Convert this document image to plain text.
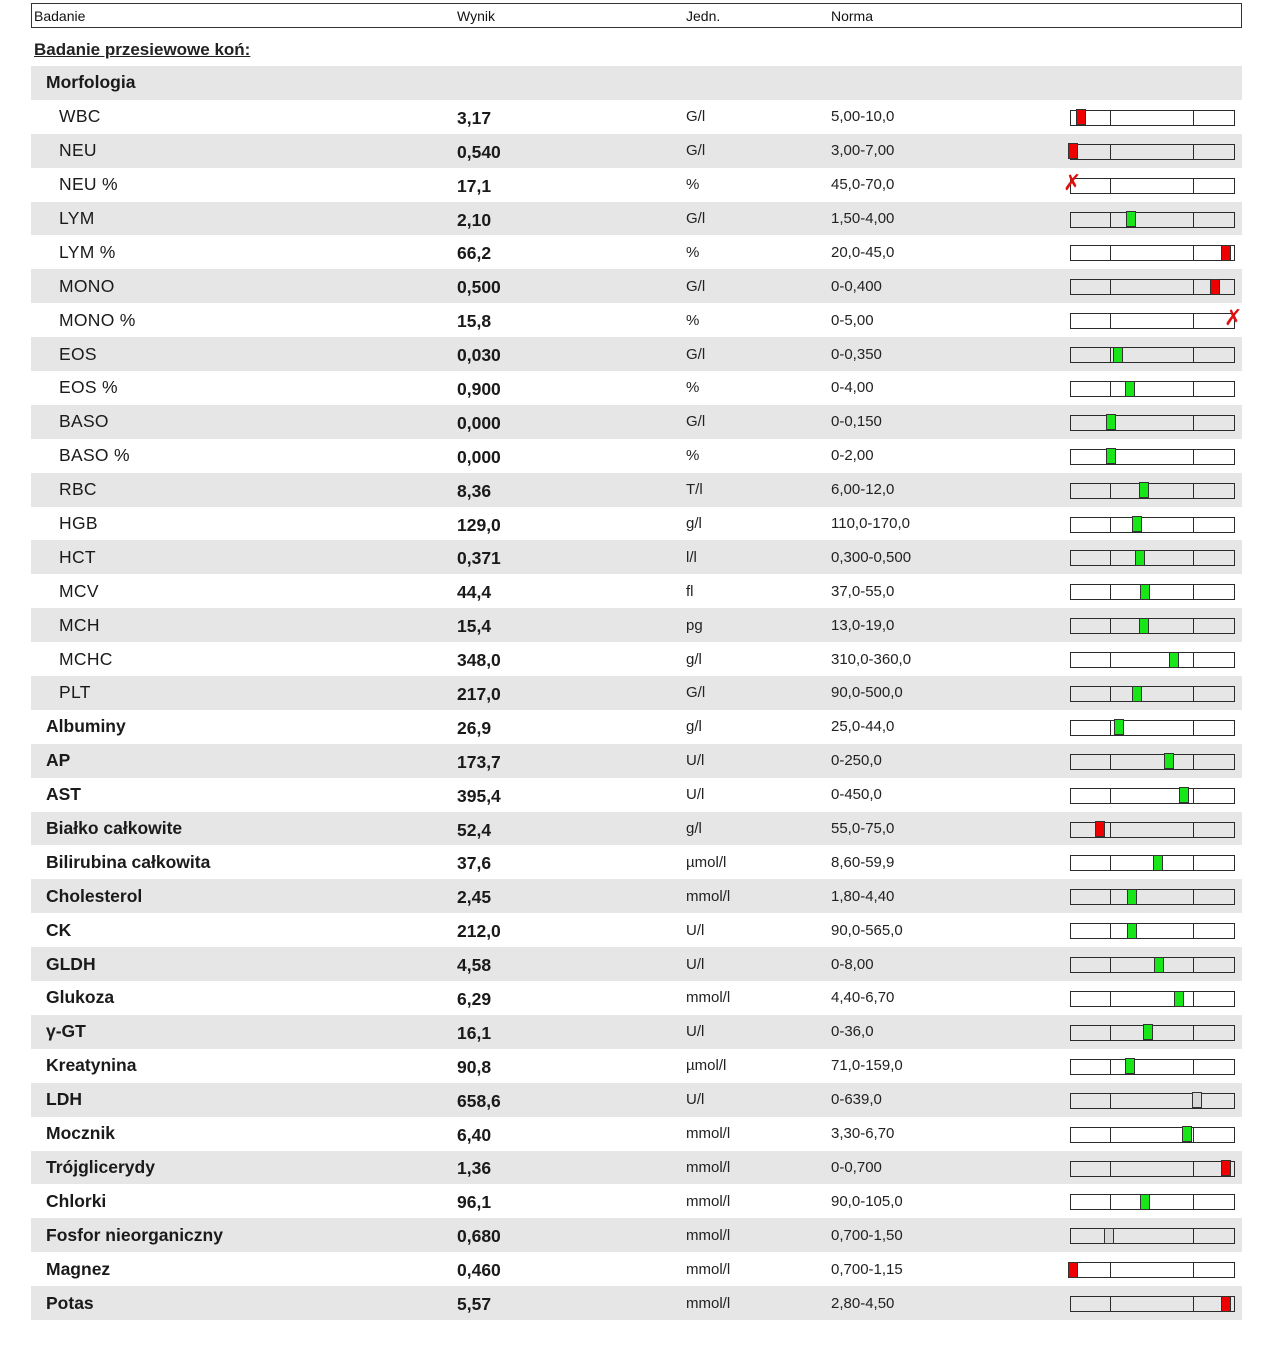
Badanie	Wynik	Jedn.	Norma
Badanie przesiewowe koń:
Morfologia
WBC	3,17	G/l	5,00-10,0
NEU	0,540	G/l	3,00-7,00
NEU %	17,1	%	45,0-70,0	✗
LYM	2,10	G/l	1,50-4,00
LYM %	66,2	%	20,0-45,0
MONO	0,500	G/l	0-0,400
MONO %	15,8	%	0-5,00	✗
EOS	0,030	G/l	0-0,350
EOS %	0,900	%	0-4,00
BASO	0,000	G/l	0-0,150
BASO %	0,000	%	0-2,00
RBC	8,36	T/l	6,00-12,0
HGB	129,0	g/l	110,0-170,0
HCT	0,371	l/l	0,300-0,500
MCV	44,4	fl	37,0-55,0
MCH	15,4	pg	13,0-19,0
MCHC	348,0	g/l	310,0-360,0
PLT	217,0	G/l	90,0-500,0
Albuminy	26,9	g/l	25,0-44,0
AP	173,7	U/l	0-250,0
AST	395,4	U/l	0-450,0
Białko całkowite	52,4	g/l	55,0-75,0
Bilirubina całkowita	37,6	µmol/l	8,60-59,9
Cholesterol	2,45	mmol/l	1,80-4,40
CK	212,0	U/l	90,0-565,0
GLDH	4,58	U/l	0-8,00
Glukoza	6,29	mmol/l	4,40-6,70
γ-GT	16,1	U/l	0-36,0
Kreatynina	90,8	µmol/l	71,0-159,0
LDH	658,6	U/l	0-639,0
Mocznik	6,40	mmol/l	3,30-6,70
Trójglicerydy	1,36	mmol/l	0-0,700
Chlorki	96,1	mmol/l	90,0-105,0
Fosfor nieorganiczny	0,680	mmol/l	0,700-1,50
Magnez	0,460	mmol/l	0,700-1,15
Potas	5,57	mmol/l	2,80-4,50
